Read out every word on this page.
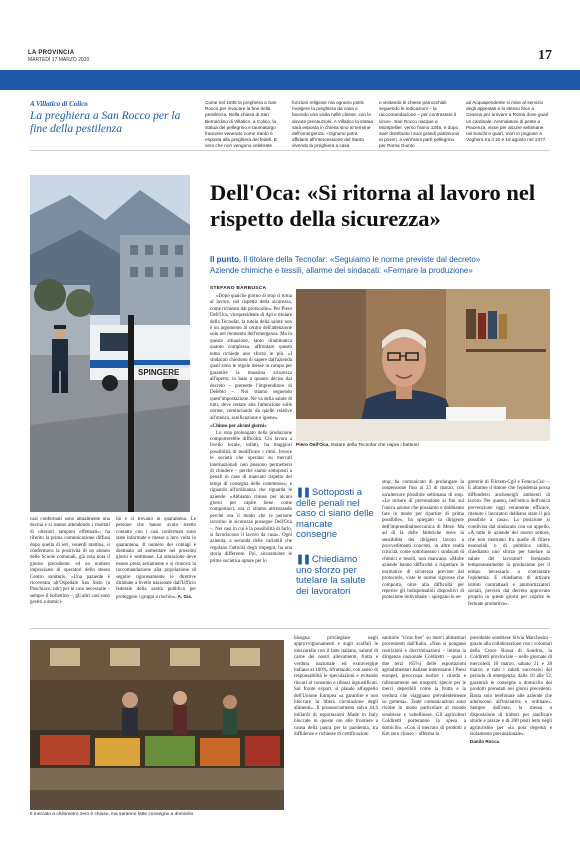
LA PROVINCIA
MARTEDÌ 17 MARZO 2020	17
A Villatico di Colico
La preghiera a San Rocco per la fine della pestilenza
Come nel 1836 la preghiera a San Rocco per invocare la fine della pestilenza. Nella chiesa di San Bernardino di Villatico, a Colico, la statua del pellegrino e taumaturgo francese venerato come Santo è esposta alla preghiera dei fedeli. E vero che non vengono celebrate
funzioni religiose ma ognuno potrà rivolgere la preghiera da casa o facendo una visita nelle chiese, con le dovute precauzioni. A Villatico la statua sarà esposta in chiesa sino al termine dell'emergenza. «Ognuno potrà affidarsi all'intercessione del Santo vivendo la preghiera a casa
o visitando le chiese parrocchiali seguendo le indicazioni – la raccomandazione – per contrastare il virus». San Rocco nacque a Montpellier, verso l'anno 1345, e dopo aver distribuito i suoi grandi patrimonio ai poveri, a vent'anni partì pellegrino per Roma Giunto
ad Acquapendente si mise al servizio degli appestati e lo stesso fece a Cesena per arrivare a Roma dove guarì un cardinale. Ammalatosi di peste a Piacenza, visse per alcune settimane nei boschi e guarì, morì in prigione a Voghera tra il 15 e 16 agosto nel 1377.
SPINGERE
Dell'Oca: «Si ritorna al lavoro nel rispetto della sicurezza»
Il punto. Il titolare della Tecnofar: «Seguiamo le norme previste dal decreto»
Aziende chimiche e tessili, allarme dei sindacati: «Fermare la produzione»
STEFANO BARBUSCA

«Dopo qualche giorno di stop ci torna al lavoro, nel rispetto della sicurezza, come richiesto dal protocollo». Per Piero Dell'Oca, vicepresidente di Api e titolare della Tecnofar, la tutela della salute non è un argomento al centro dell'attenzione solo nel momento dell'emergenza. Ma in questa situazione, tanto drammatica quanto complessa, affrontare questo tema richiede uno sforzo in più. «I sindacati chiedono di sapere dall'azienda quali sono le regole messe in campo per garantire la massima sicurezza all'aperto, in base a quanto deciso dal decreto – premette l'imprenditore di Delebio –. Noi stiamo seguendo quest'impostazione. Ne va della salute di tutti, deve restare alta l'attenzione sulle norme, cominciando da quelle relative all'utenza, sanificazione e igiene».

«Chiuso per alcuni giorni»

Lo stop prolungato della produzione comporterebbe difficoltà. Chi lavora a livello locale, infatti, ha maggiori possibilità di modificare i ritmi. Invece le società che operano su mercati internazionali non possono permettersi di chiudere – perché siamo sottoposti a penali in caso di mancato rispetto dei tempi di consegna delle commesse»; e riguardo all'ordinanza che riguarda le aziende. «Abbiamo chiuso per alcuni giorni per capire bene come comportarci, ora ci stiamo attrezzando perché ora il modo che le persone lavorino in sicurezza prosegue Dell'Oca –. Nei casi in cui è la possibilità di farlo, si favoriscono il lavoro da casa». Ogni azienda, a seconda delle variabili che regolano l'attività degli impegni, ha una storia differente. Poi, sicuramente le prime società a optare per lo

Piero Dell'Oca, titolare della Tecnofar che riapre i battenti
casi confermati sono attualmente una decina e si stanno attendendo i risultati di ulteriori tamponi effettuati», ha riferito la prima comunicazione diffusa dopo quella di ieri, venerdì mattina, si confermava la positività di un alunno delle Scuole comunali, già resa nota il giorno precedente, ed un numero imprecisato di operatori dello stesso Centro sanitario. «Una paziente è ricoverata all'Ospedale San Sisto (a Poschiavo, ndr) per le cure necessarie – sempre il bollettino –, gli altri casi sono gestiti a domici-
lio e si trovano in quarantena. Le persone che hanno avuto stretto contatto con i casi confermati sono state informate e messe a loro volta in quarantena. Il numero dei contagi è destinato ad aumentare nei prossimi giorni e settimane. La situazione deve essere presa seriamente e si rinnova la raccomandazione alla popolazione di seguire rigorosamente le direttive diramate a livello nazionale dall'Ufficio federale della sanità pubblica per proteggere i gruppi a rischio». A. Gis.
❚❚ Sottoposti a delle penali nel caso ci siano delle mancate consegne
❚❚ Chiediamo uno sforzo per tutelare la salute dei lavoratori
stop, ha comunicato di prolungare la sospensione fino al 23 di marzo, con un'ulteriore possibile settimana di stop. «Le misure di prevenzione ai fini sul l'unica azione che possiamo e dobbiamo fare in modo per ripartire di prima possibile», ha spiegato la dirigente dell'imprenditalmeccanica di Mese. Ma ad di là delle fabbriche dove la sensibilità dei dirigenti lavoro a provvedimenti concreti, in altre realtà criticità, come sottolineano i sindacati di chimici e tessili, non mancano. «Molte aziende hanno difficoltà a rispettare le normative di sicurezza previste dal protocollo, viste le norme rigorose che comporta, oltre alla difficoltà per reperire gli indispensabili dispositivi di protezione individuale – spiegano le se-
greterie di Filctem-Cgil e Femca-Cisl –. E allarme il timore che l'epidemia possa diffondersi ancheneigli ambienti di lavoro. Per questo, nell'ottica dell'unica prevenzione oggi veramente efficace, ritenuto i lavoratori debbano stare il più possibile a casa». La posizione si condivisa dal sindacato con un appello. «A tutte le aziende del nostro settore, che non rientrano fra quelle di filiere essenziali o di pubblica utilità, chiediamo uno sforzo per tutelare la salute dei lavoratori fermando temporaneamente la produzione per il tempo necessario a contrastare l'epidemia. E chiediamo di attivare istituti contrattuali e ammortizzatori sociali, previsti dal decreto approvato proprio in questi giorni per coprire le fermate produttive».
Il mercato a chilometro zero è chiuso, ma saranno fatte consegne a domicilio
bisogna privilegiare negli approvvigionamenti e sugli scaffali le mozzarelle con il latte italiano, salumi di carne dei nostri allevamenti, frutta e verdura nazionale ed extravergine italiano al 100%. Sfruttando, con senso di responsabilità le speculazioni e evitando rincari al consumo e ribassi ingiustificati. Sul fronte export, si plaude all'appello dell'Unione Europea «a garantire e non bloccare la libera circolazione degli alimenti». Il pronunciamento salva 44,6 miliardi di esportazioni Made in Italy bloccate in queste ore alle frontiere a causa della paura per la pandemia, tra diffidenze e richieste di certificazioni
sanitarie "virus free" su merci alimentari provenienti dall'Italia. «Non si pongano restrizioni e discriminazioni – intima la dirigenza nazionale Coldiretti – quasi i due terzi (65%) delle esportazioni agroalimentari italiane interessano i Paesi europei, preoccupa inoltre i ritardo e rallentamento nei trasporti, specie per le merci deperibili come la frutta e la verdura che viaggiano prevalentemente su gomma». Tante comunicazioni sono rivolte in modo particolare al mondo sondriese e valtellinese. Gli agricoltori Coldiretti porteranno la spesa a domicilio. «Con il mercato di prodotti a Km zero chiuso – afferma la
presidente sondriese Silvia Marchesini – grazie alla collaborazione con i volontari della Croce Rossa di Sondrio, la Coldiretti provinciale – nelle giornate di mercoledì 18 marzo, sabato 21 e 28 marzo, e tutti i sabati successivi del periodo di emergenza, dalle 10 alle 12, garantirà le consegne a domicilio dei prodotti prenotati nei giorni precedenti. Basta solo telefonare alle aziende che aderiscono all'iniziativa e ordinare». Sempre dall'ente, la messa a disposizione di trattori per sanificare strade e piazze e di 200 posti letto negli agriturismo per «la post degema e isolamento precauzionale».
Danilo Rocca
